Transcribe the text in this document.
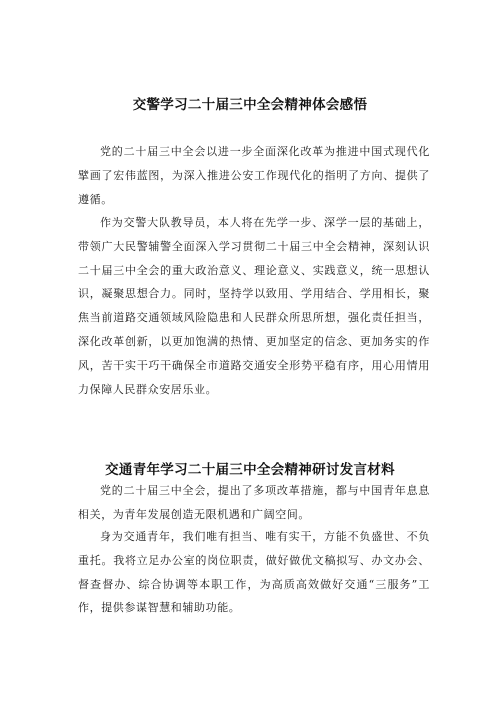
交警学习二十届三中全会精神体会感悟

党的二十届三中全会以进一步全面深化改革为推进中国式现代化擘画了宏伟蓝图，为深入推进公安工作现代化的指明了方向、提供了遵循。

作为交警大队教导员，本人将在先学一步、深学一层的基础上，带领广大民警辅警全面深入学习贯彻二十届三中全会精神，深刻认识二十届三中全会的重大政治意义、理论意义、实践意义，统一思想认识，凝聚思想合力。同时，坚持学以致用、学用结合、学用相长，聚焦当前道路交通领域风险隐患和人民群众所思所想，强化责任担当，深化改革创新，以更加饱满的热情、更加坚定的信念、更加务实的作风，苦干实干巧干确保全市道路交通安全形势平稳有序，用心用情用力保障人民群众安居乐业。

交通青年学习二十届三中全会精神研讨发言材料

党的二十届三中全会，提出了多项改革措施，都与中国青年息息相关，为青年发展创造无限机遇和广阔空间。

身为交通青年，我们唯有担当、唯有实干，方能不负盛世、不负重托。我将立足办公室的岗位职责，做好做优文稿拟写、办文办会、督查督办、综合协调等本职工作，为高质高效做好交通“三服务”工作，提供参谋智慧和辅助功能。
